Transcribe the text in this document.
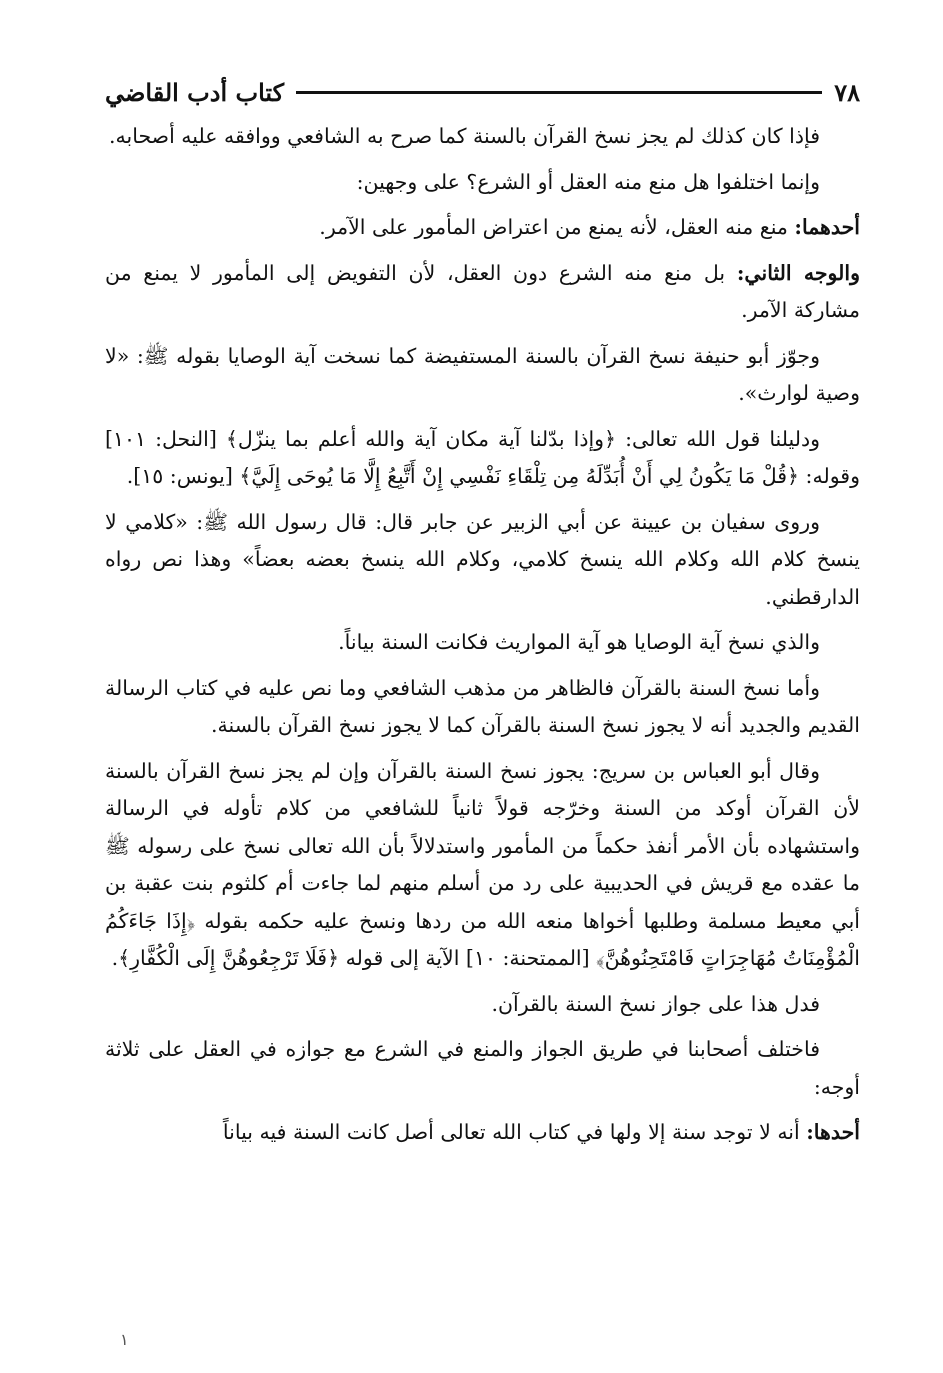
٧٨
كتاب أدب القاضي

فإذا كان كذلك لم يجز نسخ القرآن بالسنة كما صرح به الشافعي ووافقه عليه أصحابه.

وإنما اختلفوا هل منع منه العقل أو الشرع؟ على وجهين:

أحدهما: منع منه العقل، لأنه يمنع من اعتراض المأمور على الآمر.

والوجه الثاني: بل منع منه الشرع دون العقل، لأن التفويض إلى المأمور لا يمنع من مشاركة الآمر.

وجوّز أبو حنيفة نسخ القرآن بالسنة المستفيضة كما نسخت آية الوصايا بقوله ﷺ: «لا وصية لوارث».

ودليلنا قول الله تعالى: ﴿وإذا بدّلنا آية مكان آية والله أعلم بما ينزّل﴾ [النحل: ١٠١] وقوله: ﴿قُلْ مَا يَكُونُ لِي أَنْ أُبَدِّلَهُ مِن تِلْقَاءِ نَفْسِي إِنْ أَتَّبِعُ إِلَّا مَا يُوحَى إِلَيَّ﴾ [يونس: ١٥].

وروى سفيان بن عيينة عن أبي الزبير عن جابر قال: قال رسول الله ﷺ: «كلامي لا ينسخ كلام الله وكلام الله ينسخ كلامي، وكلام الله ينسخ بعضه بعضاً» وهذا نص رواه الدارقطني.

والذي نسخ آية الوصايا هو آية المواريث فكانت السنة بياناً.

وأما نسخ السنة بالقرآن فالظاهر من مذهب الشافعي وما نص عليه في كتاب الرسالة القديم والجديد أنه لا يجوز نسخ السنة بالقرآن كما لا يجوز نسخ القرآن بالسنة.

وقال أبو العباس بن سريج: يجوز نسخ السنة بالقرآن وإن لم يجز نسخ القرآن بالسنة لأن القرآن أوكد من السنة وخرّجه قولاً ثانياً للشافعي من كلام تأوله في الرسالة واستشهاده بأن الأمر أنفذ حكماً من المأمور واستدلالاً بأن الله تعالى نسخ على رسوله ﷺ ما عقده مع قريش في الحديبية على رد من أسلم منهم لما جاءت أم كلثوم بنت عقبة بن أبي معيط مسلمة وطلبها أخواها منعه الله من ردها ونسخ عليه حكمه بقوله ﴿إِذَا جَاءَكُمُ الْمُؤْمِنَاتُ مُهَاجِرَاتٍ فَامْتَحِنُوهُنَّ﴾ [الممتحنة: ١٠] الآية إلى قوله ﴿فَلَا تَرْجِعُوهُنَّ إِلَى الْكُفَّارِ﴾.

فدل هذا على جواز نسخ السنة بالقرآن.

فاختلف أصحابنا في طريق الجواز والمنع في الشرع مع جوازه في العقل على ثلاثة أوجه:

أحدها: أنه لا توجد سنة إلا ولها في كتاب الله تعالى أصل كانت السنة فيه بياناً

١
